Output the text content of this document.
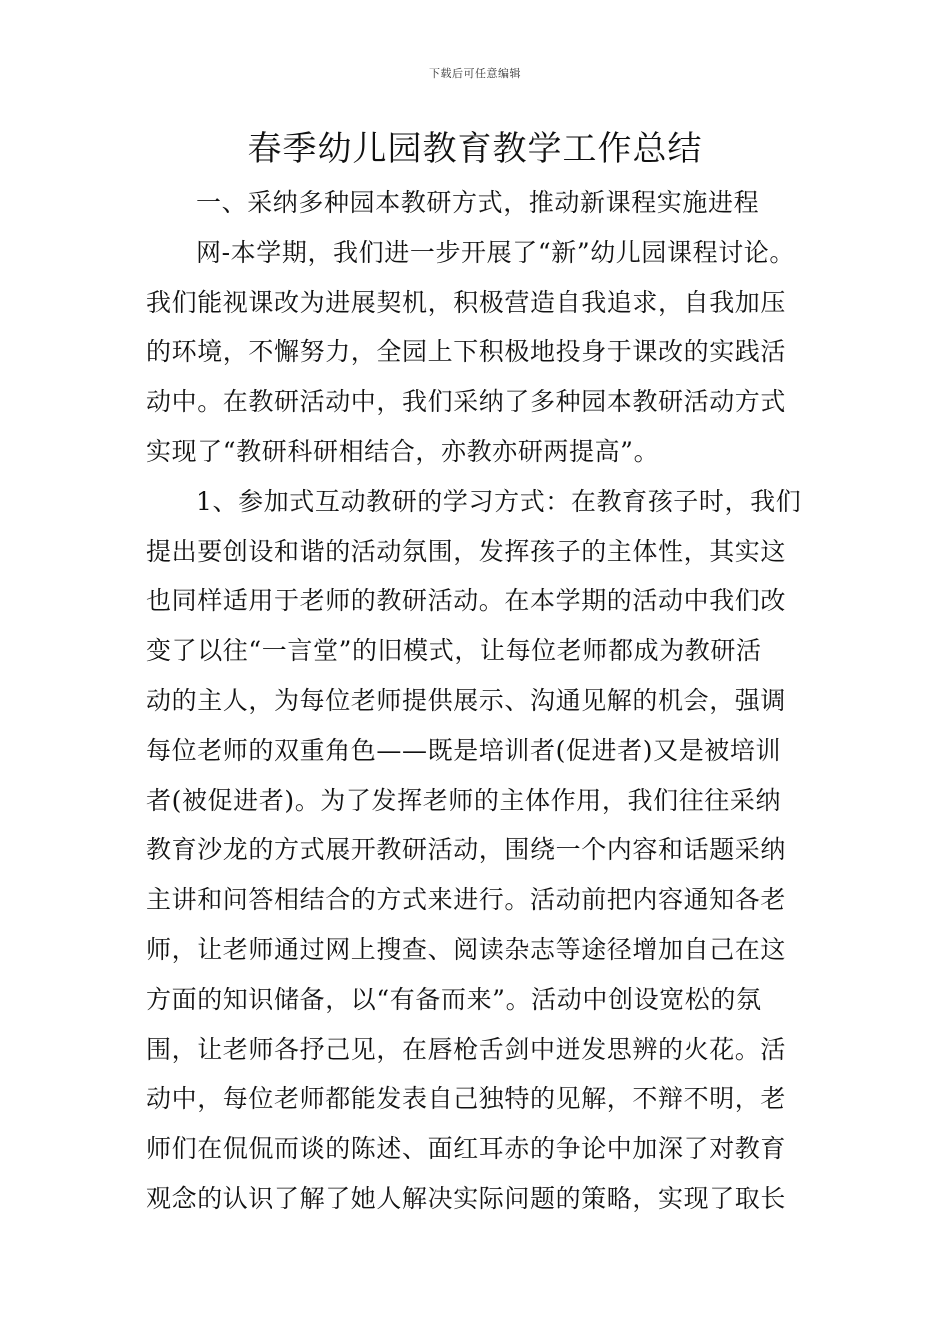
下载后可任意编辑
春季幼儿园教育教学工作总结
一、采纳多种园本教研方式，推动新课程实施进程
网-本学期，我们进一步开展了“新”幼儿园课程讨论。
我们能视课改为进展契机，积极营造自我追求，自我加压
的环境，不懈努力，全园上下积极地投身于课改的实践活
动中。在教研活动中，我们采纳了多种园本教研活动方式
实现了“教研科研相结合，亦教亦研两提高”。
1、参加式互动教研的学习方式：在教育孩子时，我们
提出要创设和谐的活动氛围，发挥孩子的主体性，其实这
也同样适用于老师的教研活动。在本学期的活动中我们改
变了以往“一言堂”的旧模式，让每位老师都成为教研活
动的主人，为每位老师提供展示、沟通见解的机会，强调
每位老师的双重角色——既是培训者(促进者)又是被培训
者(被促进者)。为了发挥老师的主体作用，我们往往采纳
教育沙龙的方式展开教研活动，围绕一个内容和话题采纳
主讲和问答相结合的方式来进行。活动前把内容通知各老
师，让老师通过网上搜查、阅读杂志等途径增加自己在这
方面的知识储备，以“有备而来”。活动中创设宽松的氛
围，让老师各抒己见，在唇枪舌剑中迸发思辨的火花。活
动中，每位老师都能发表自己独特的见解，不辩不明，老
师们在侃侃而谈的陈述、面红耳赤的争论中加深了对教育
观念的认识了解了她人解决实际问题的策略，实现了取长
